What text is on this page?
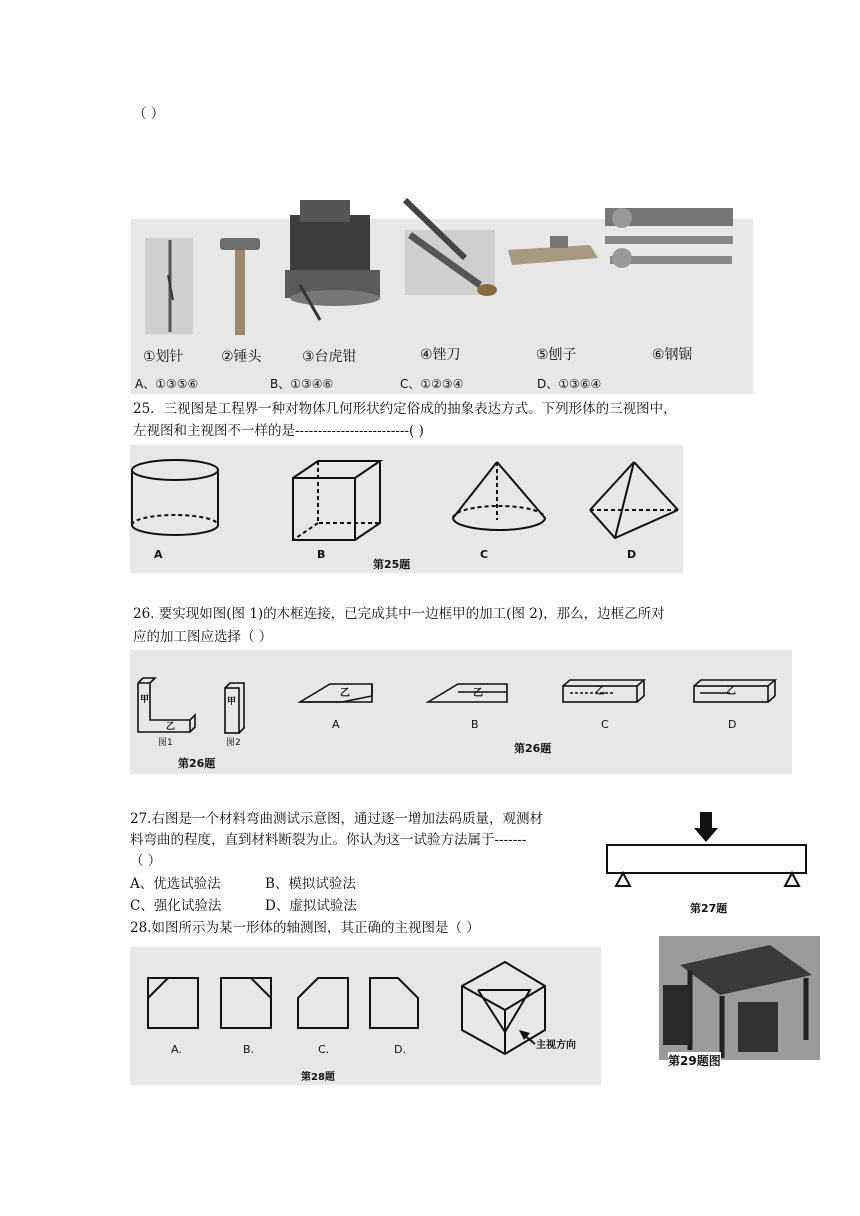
（ ）
①划针	②锤头	③台虎钳	④锉刀	⑤刨子	⑥钢锯
A、①③⑤⑥	B、①③④⑥	C、①②③④	D、①③⑥④
25．三视图是工程界一种对物体几何形状约定俗成的抽象表达方式。下列形体的三视图中，
左视图和主视图不一样的是-------------------------( )
A	B	C	D
第25题
26. 要实现如图(图 1)的木框连接，已完成其中一边框甲的加工(图 2)，那么，边框乙所对
应的加工图应选择（ ）
甲
乙
图1
甲
图2
乙	乙	乙	乙
A	B	C	D
第26题
第26题
27.右图是一个材料弯曲测试示意图，通过逐一增加法码质量，观测材
料弯曲的程度，直到材料断裂为止。你认为这一试验方法属于-------
（ ）
A、优选试验法	B、模拟试验法
C、强化试验法	D、虚拟试验法	第27题
28.如图所示为某一形体的轴测图，其正确的主视图是（ ）
A.	B.	C.	D.	主视方向
第28题
第29题图
